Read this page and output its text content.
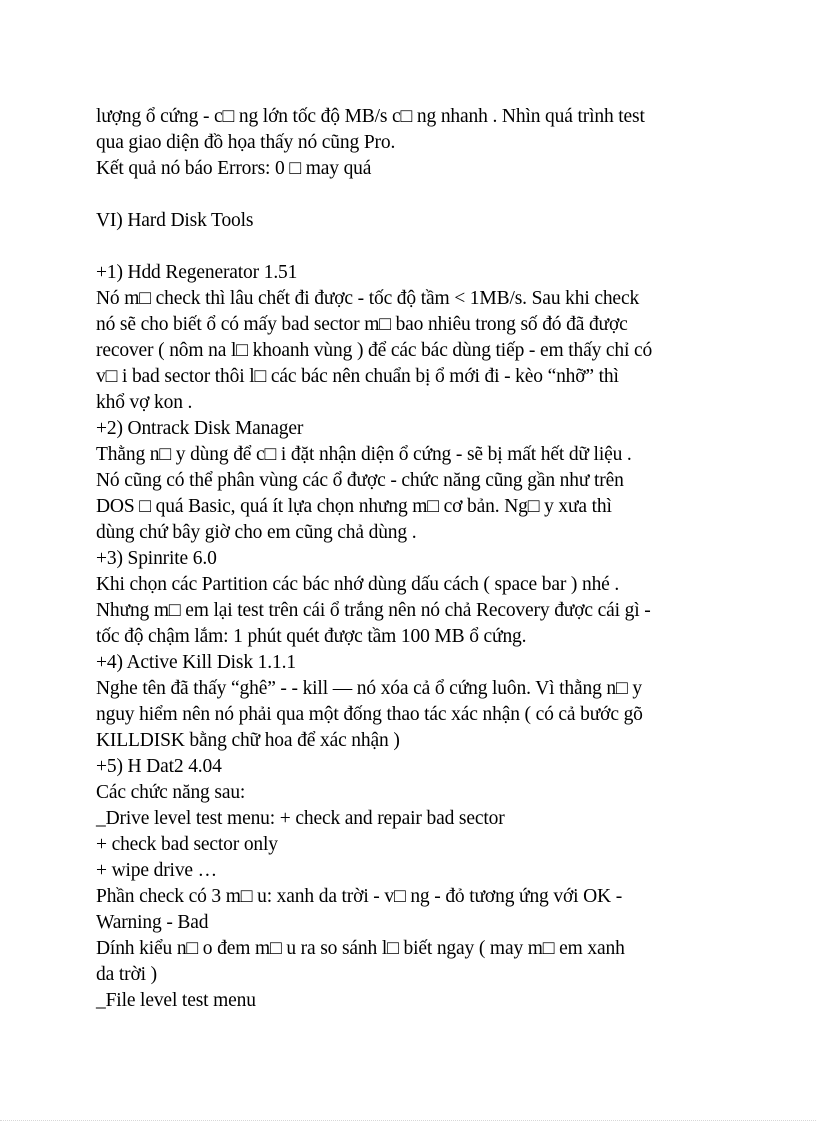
lượng ổ cứng - c□ ng lớn tốc độ MB/s c□ ng nhanh . Nhìn quá trình test
qua giao diện đồ họa thấy nó cũng Pro.
Kết quả nó báo Errors: 0 □ may quá
VI) Hard Disk Tools
+1) Hdd Regenerator 1.51
Nó m□ check thì lâu chết đi được - tốc độ tầm < 1MB/s. Sau khi check
nó sẽ cho biết ổ có mấy bad sector m□ bao nhiêu trong số đó đã được
recover ( nôm na l□ khoanh vùng ) để các bác dùng tiếp - em thấy chỉ có
v□ i bad sector thôi l□ các bác nên chuẩn bị ổ mới đi - kèo “nhỡ” thì
khổ vợ kon .
+2) Ontrack Disk Manager
Thằng n□ y dùng để c□ i đặt nhận diện ổ cứng - sẽ bị mất hết dữ liệu .
Nó cũng có thể phân vùng các ổ được - chức năng cũng gần như trên
DOS □ quá Basic, quá ít lựa chọn nhưng m□ cơ bản. Ng□ y xưa thì
dùng chứ bây giờ cho em cũng chả dùng .
+3) Spinrite 6.0
Khi chọn các Partition các bác nhớ dùng dấu cách ( space bar ) nhé .
Nhưng m□ em lại test trên cái ổ trắng nên nó chả Recovery được cái gì -
tốc độ chậm lắm: 1 phút quét được tầm 100 MB ổ cứng.
+4) Active Kill Disk 1.1.1
Nghe tên đã thấy “ghê” - - kill — nó xóa cả ổ cứng luôn. Vì thằng n□ y
nguy hiểm nên nó phải qua một đống thao tác xác nhận ( có cả bước gõ
KILLDISK bằng chữ hoa để xác nhận )
+5) H Dat2 4.04
Các chức năng sau:
_Drive level test menu: + check and repair bad sector
+ check bad sector only
+ wipe drive …
Phần check có 3 m□ u: xanh da trời - v□ ng - đỏ tương ứng với OK -
Warning - Bad
Dính kiểu n□ o đem m□ u ra so sánh l□ biết ngay ( may m□ em xanh
da trời )
_File level test menu
